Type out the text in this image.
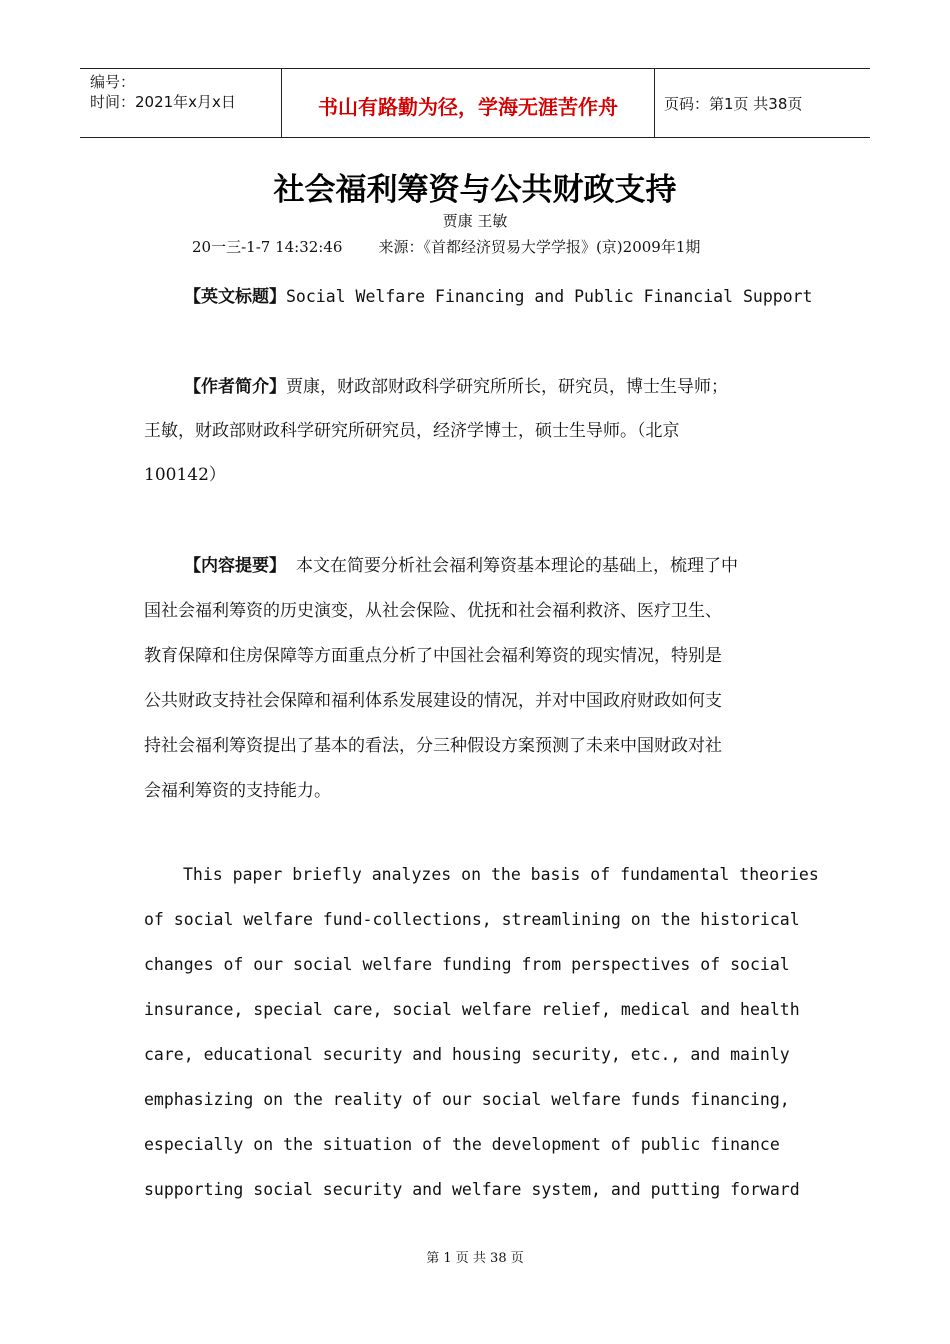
编号：
时间：2021年x月x日	书山有路勤为径，学海无涯苦作舟	页码：第1页 共38页
社会福利筹资与公共财政支持
贾康 王敏
20一三-1-7 14:32:46 来源：《首都经济贸易大学学报》(京)2009年1期
【英文标题】Social Welfare Financing and Public Financial Support
【作者简介】贾康，财政部财政科学研究所所长，研究员，博士生导师；
王敏，财政部财政科学研究所研究员，经济学博士，硕士生导师。（北京
100142）
【内容提要】 本文在简要分析社会福利筹资基本理论的基础上，梳理了中
国社会福利筹资的历史演变，从社会保险、优抚和社会福利救济、医疗卫生、
教育保障和住房保障等方面重点分析了中国社会福利筹资的现实情况，特别是
公共财政支持社会保障和福利体系发展建设的情况，并对中国政府财政如何支
持社会福利筹资提出了基本的看法，分三种假设方案预测了未来中国财政对社
会福利筹资的支持能力。
This paper briefly analyzes on the basis of fundamental theories
of social welfare fund-collections, streamlining on the historical
changes of our social welfare funding from perspectives of social
insurance, special care, social welfare relief, medical and health
care, educational security and housing security, etc., and mainly
emphasizing on the reality of our social welfare funds financing,
especially on the situation of the development of public finance
supporting social security and welfare system, and putting forward
第 1 页 共 38 页
